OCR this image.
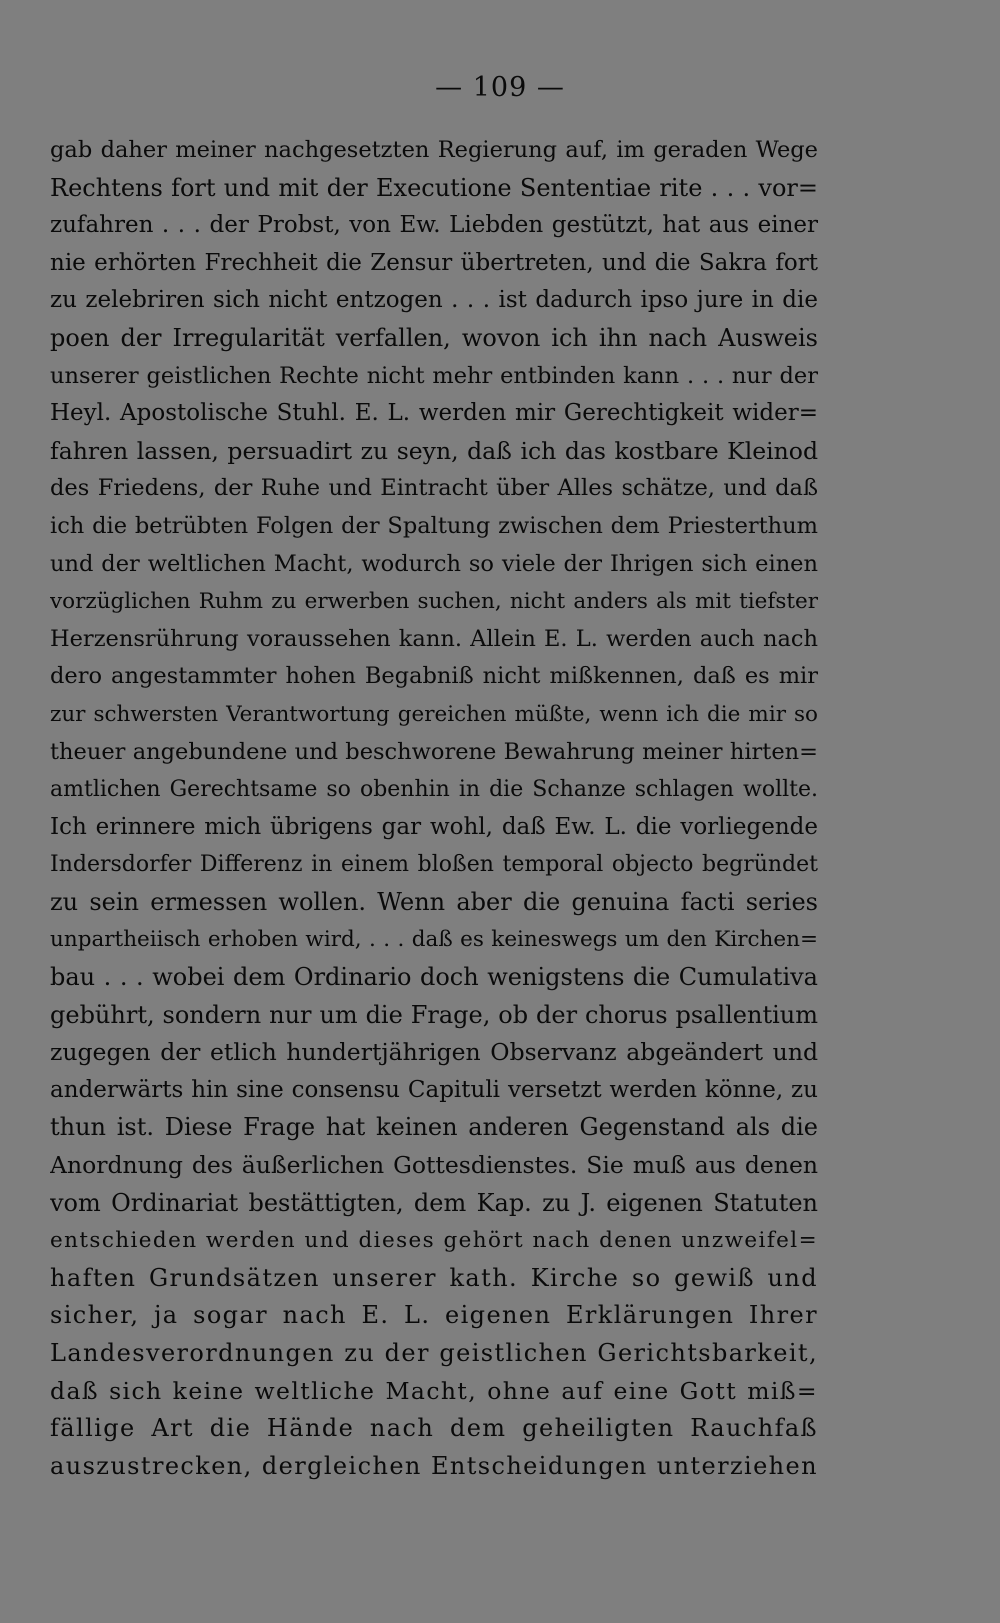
— 109 —
gab daher meiner nachgesetzten Regierung auf, im geraden Wege
Rechtens fort und mit der Executione Sententiae rite . . . vor=
zufahren . . . der Probst, von Ew. Liebden gestützt, hat aus einer
nie erhörten Frechheit die Zensur übertreten, und die Sakra fort
zu zelebriren sich nicht entzogen . . . ist dadurch ipso jure in die
poen der Irregularität verfallen, wovon ich ihn nach Ausweis
unserer geistlichen Rechte nicht mehr entbinden kann . . . nur der
Heyl. Apostolische Stuhl. E. L. werden mir Gerechtigkeit wider=
fahren lassen, persuadirt zu seyn, daß ich das kostbare Kleinod
des Friedens, der Ruhe und Eintracht über Alles schätze, und daß
ich die betrübten Folgen der Spaltung zwischen dem Priesterthum
und der weltlichen Macht, wodurch so viele der Ihrigen sich einen
vorzüglichen Ruhm zu erwerben suchen, nicht anders als mit tiefster
Herzensrührung voraussehen kann. Allein E. L. werden auch nach
dero angestammter hohen Begabniß nicht mißkennen, daß es mir
zur schwersten Verantwortung gereichen müßte, wenn ich die mir so
theuer angebundene und beschworene Bewahrung meiner hirten=
amtlichen Gerechtsame so obenhin in die Schanze schlagen wollte.
Ich erinnere mich übrigens gar wohl, daß Ew. L. die vorliegende
Indersdorfer Differenz in einem bloßen temporal objecto begründet
zu sein ermessen wollen. Wenn aber die genuina facti series
unpartheiisch erhoben wird, . . . daß es keineswegs um den Kirchen=
bau . . . wobei dem Ordinario doch wenigstens die Cumulativa
gebührt, sondern nur um die Frage, ob der chorus psallentium
zugegen der etlich hundertjährigen Observanz abgeändert und
anderwärts hin sine consensu Capituli versetzt werden könne, zu
thun ist. Diese Frage hat keinen anderen Gegenstand als die
Anordnung des äußerlichen Gottesdienstes. Sie muß aus denen
vom Ordinariat bestättigten, dem Kap. zu J. eigenen Statuten
entschieden werden und dieses gehört nach denen unzweifel=
haften Grundsätzen unserer kath. Kirche so gewiß und
sicher, ja sogar nach E. L. eigenen Erklärungen Ihrer
Landesverordnungen zu der geistlichen Gerichtsbarkeit,
daß sich keine weltliche Macht, ohne auf eine Gott miß=
fällige Art die Hände nach dem geheiligten Rauchfaß
auszustrecken, dergleichen Entscheidungen unterziehen
